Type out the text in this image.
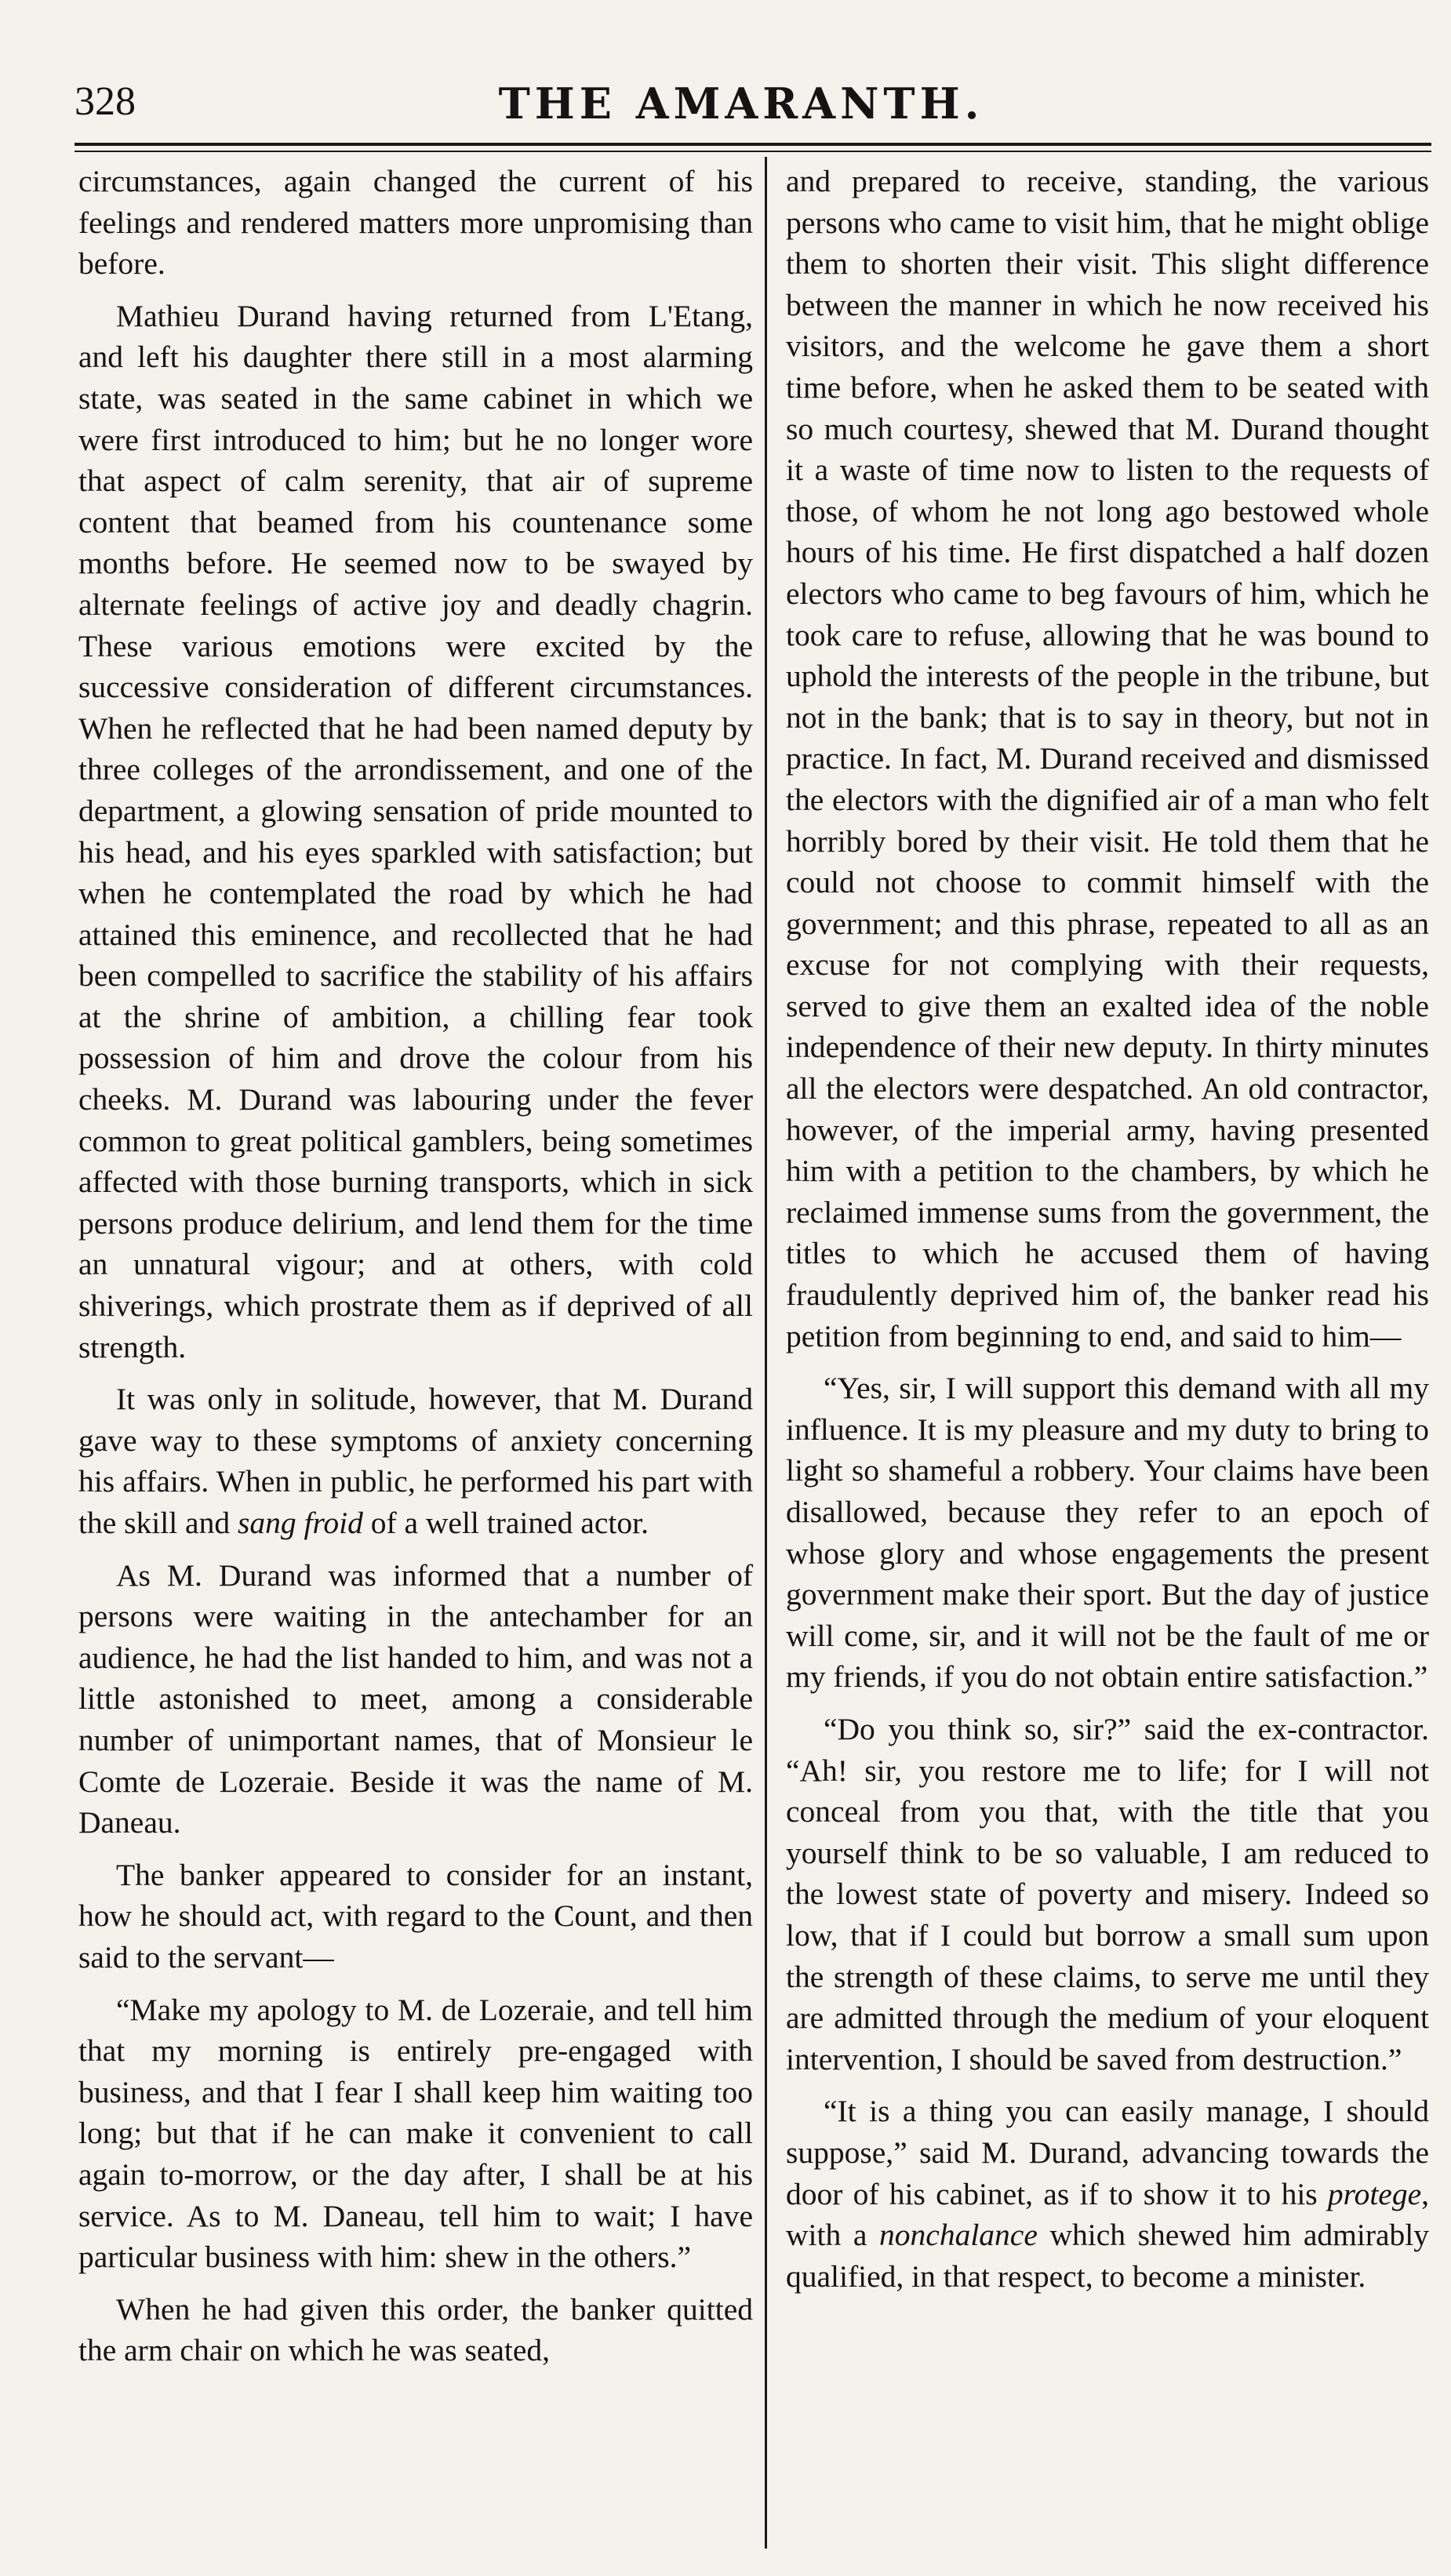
328	THE AMARANTH.

circumstances, again changed the current of his feelings and rendered matters more unpromising than before.

Mathieu Durand having returned from L'Etang, and left his daughter there still in a most alarming state, was seated in the same cabinet in which we were first introduced to him; but he no longer wore that aspect of calm serenity, that air of supreme content that beamed from his countenance some months before. He seemed now to be swayed by alternate feelings of active joy and deadly chagrin. These various emotions were excited by the successive consideration of different circumstances. When he reflected that he had been named deputy by three colleges of the arrondissement, and one of the department, a glowing sensation of pride mounted to his head, and his eyes sparkled with satisfaction; but when he contemplated the road by which he had attained this eminence, and recollected that he had been compelled to sacrifice the stability of his affairs at the shrine of ambition, a chilling fear took possession of him and drove the colour from his cheeks. M. Durand was labouring under the fever common to great political gamblers, being sometimes affected with those burning transports, which in sick persons produce delirium, and lend them for the time an unnatural vigour; and at others, with cold shiverings, which prostrate them as if deprived of all strength.

It was only in solitude, however, that M. Durand gave way to these symptoms of anxiety concerning his affairs. When in public, he performed his part with the skill and sang froid of a well trained actor.

As M. Durand was informed that a number of persons were waiting in the antechamber for an audience, he had the list handed to him, and was not a little astonished to meet, among a considerable number of unimportant names, that of Monsieur le Comte de Lozeraie. Beside it was the name of M. Daneau.

The banker appeared to consider for an instant, how he should act, with regard to the Count, and then said to the servant—

“Make my apology to M. de Lozeraie, and tell him that my morning is entirely pre-engaged with business, and that I fear I shall keep him waiting too long; but that if he can make it convenient to call again to-morrow, or the day after, I shall be at his service. As to M. Daneau, tell him to wait; I have particular business with him: shew in the others.”

When he had given this order, the banker quitted the arm chair on which he was seated,

and prepared to receive, standing, the various persons who came to visit him, that he might oblige them to shorten their visit. This slight difference between the manner in which he now received his visitors, and the welcome he gave them a short time before, when he asked them to be seated with so much courtesy, shewed that M. Durand thought it a waste of time now to listen to the requests of those, of whom he not long ago bestowed whole hours of his time. He first dispatched a half dozen electors who came to beg favours of him, which he took care to refuse, allowing that he was bound to uphold the interests of the people in the tribune, but not in the bank; that is to say in theory, but not in practice. In fact, M. Durand received and dismissed the electors with the dignified air of a man who felt horribly bored by their visit. He told them that he could not choose to commit himself with the government; and this phrase, repeated to all as an excuse for not complying with their requests, served to give them an exalted idea of the noble independence of their new deputy. In thirty minutes all the electors were despatched. An old contractor, however, of the imperial army, having presented him with a petition to the chambers, by which he reclaimed immense sums from the government, the titles to which he accused them of having fraudulently deprived him of, the banker read his petition from beginning to end, and said to him—

“Yes, sir, I will support this demand with all my influence. It is my pleasure and my duty to bring to light so shameful a robbery. Your claims have been disallowed, because they refer to an epoch of whose glory and whose engagements the present government make their sport. But the day of justice will come, sir, and it will not be the fault of me or my friends, if you do not obtain entire satisfaction.”

“Do you think so, sir?” said the ex-contractor. “Ah! sir, you restore me to life; for I will not conceal from you that, with the title that you yourself think to be so valuable, I am reduced to the lowest state of poverty and misery. Indeed so low, that if I could but borrow a small sum upon the strength of these claims, to serve me until they are admitted through the medium of your eloquent intervention, I should be saved from destruction.”

“It is a thing you can easily manage, I should suppose,” said M. Durand, advancing towards the door of his cabinet, as if to show it to his protege, with a nonchalance which shewed him admirably qualified, in that respect, to become a minister.
